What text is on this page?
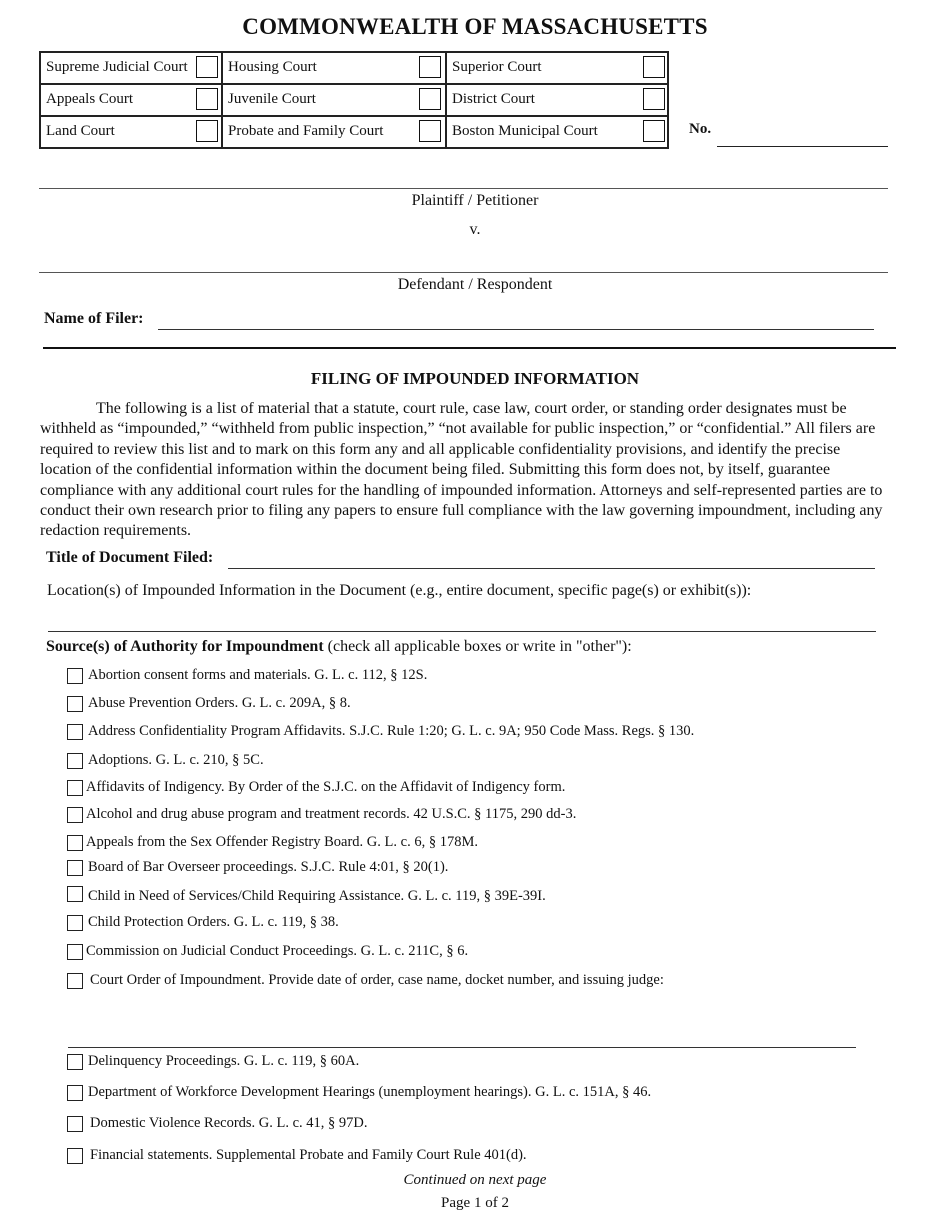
COMMONWEALTH OF MASSACHUSETTS
Supreme Judicial Court
Appeals Court
Land Court
Housing Court
Juvenile Court
Probate and Family Court
Superior Court
District Court
Boston Municipal Court	No.
Plaintiff / Petitioner
v.
Defendant / Respondent
Name of Filer:
FILING OF IMPOUNDED INFORMATION
The following is a list of material that a statute, court rule, case law, court order, or standing order designates must be withheld as “impounded,” “withheld from public inspection,” “not available for public inspection,” or “confidential.” All filers are required to review this list and to mark on this form any and all applicable confidentiality provisions, and identify the precise location of the confidential information within the document being filed. Submitting this form does not, by itself, guarantee compliance with any additional court rules for the handling of impounded information. Attorneys and self-represented parties are to conduct their own research prior to filing any papers to ensure full compliance with the law governing impoundment, including any redaction requirements.
Title of Document Filed:
Location(s) of Impounded Information in the Document (e.g., entire document, specific page(s) or exhibit(s)):
Source(s) of Authority for Impoundment (check all applicable boxes or write in "other"):
Abortion consent forms and materials. G. L. c. 112, § 12S.
Abuse Prevention Orders. G. L. c. 209A, § 8.
Address Confidentiality Program Affidavits. S.J.C. Rule 1:20; G. L. c. 9A; 950 Code Mass. Regs. § 130.
Adoptions. G. L. c. 210, § 5C.
Affidavits of Indigency. By Order of the S.J.C. on the Affidavit of Indigency form.
Alcohol and drug abuse program and treatment records. 42 U.S.C. § 1175, 290 dd-3.
Appeals from the Sex Offender Registry Board. G. L. c. 6, § 178M.
Board of Bar Overseer proceedings. S.J.C. Rule 4:01, § 20(1).
Child in Need of Services/Child Requiring Assistance. G. L. c. 119, § 39E-39I.
Child Protection Orders. G. L. c. 119, § 38.
Commission on Judicial Conduct Proceedings. G. L. c. 211C, § 6.
Court Order of Impoundment. Provide date of order, case name, docket number, and issuing judge:
Delinquency Proceedings. G. L. c. 119, § 60A.
Department of Workforce Development Hearings (unemployment hearings). G. L. c. 151A, § 46.
Domestic Violence Records. G. L. c. 41, § 97D.
Financial statements. Supplemental Probate and Family Court Rule 401(d).
Continued on next page
Page 1 of 2
